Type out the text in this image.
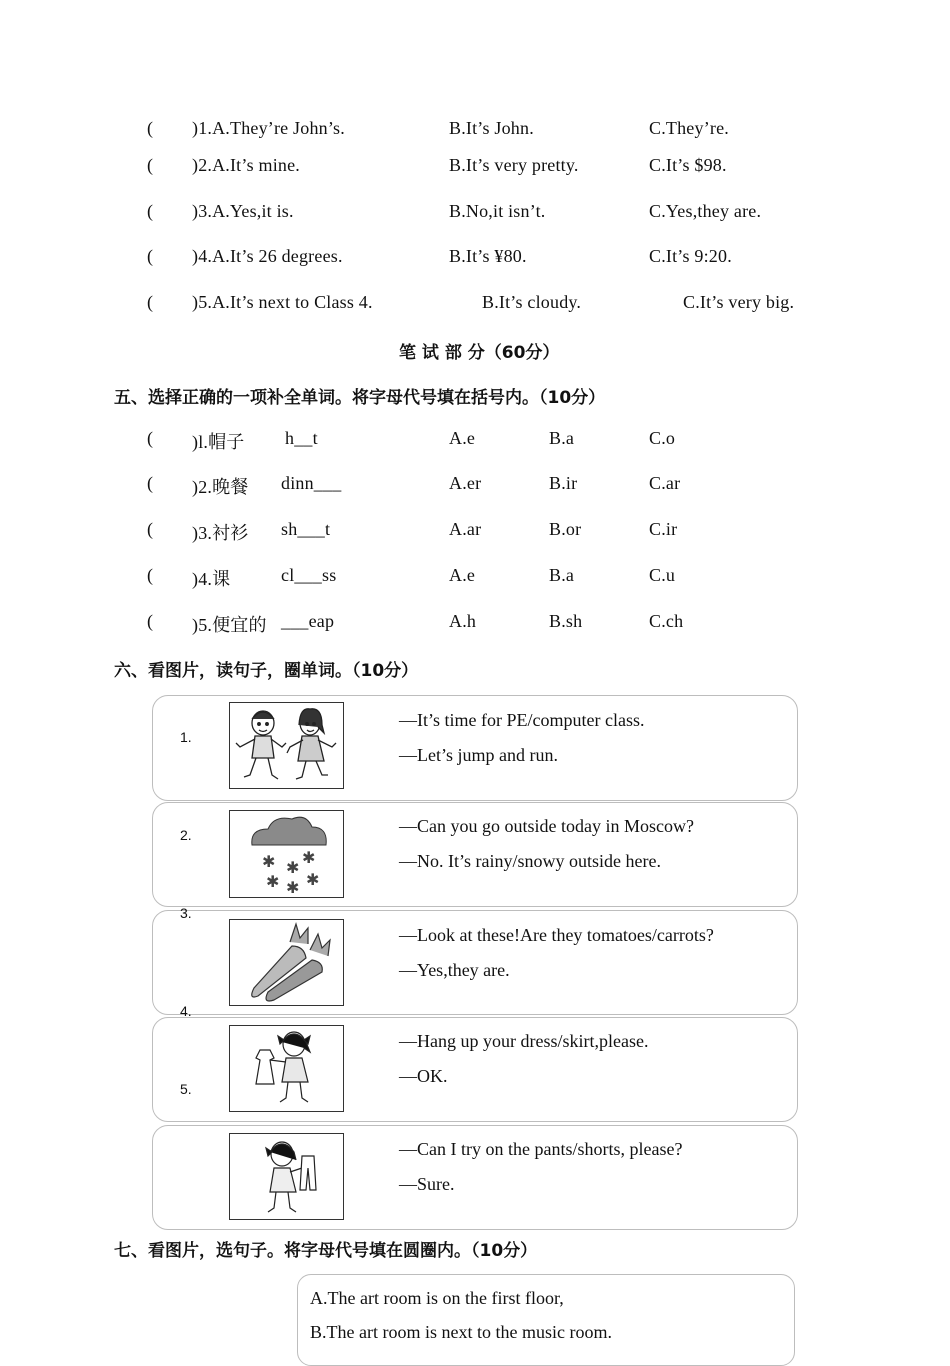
( )1.A.They’re John’s.	B.It’s John.	C.They’re.
( )2.A.It’s mine.	B.It’s very pretty.	C.It’s $98.
( )3.A.Yes,it is.	B.No,it isn’t.	C.Yes,they are.
( )4.A.It’s 26 degrees.	B.It’s ¥80.	C.It’s 9:20.
( )5.A.It’s next to Class 4.	B.It’s cloudy.	C.It’s very big.
笔 试 部 分（60分）
五、选择正确的一项补全单词。将字母代号填在括号内。（10分）
( )l.帽子 h__t	A.e	B.a	C.o
( )2.晚餐 dinn___	A.er	B.ir	C.ar
( )3.衬衫 sh___t	A.ar	B.or	C.ir
( )4.课	cl___ss	A.e	B.a	C.u
( )5.便宜的 ___eap	A.h	B.sh	C.ch
六、看图片，读句子，圈单词。（10分）
1.
2.
3.
4.
5.
✱ ✱
✱
✱ ✱ ✱
—It’s time for PE/computer class.
—Let’s jump and run.
—Can you go outside today in Moscow?
—No. It’s rainy/snowy outside here.
—Look at these!Are they tomatoes/carrots?
—Yes,they are.
—Hang up your dress/skirt,please.
—OK.
—Can I try on the pants/shorts, please?
—Sure.
七、看图片，选句子。将字母代号填在圆圈内。（10分）
A.The art room is on the first floor,
B.The art room is next to the music room.
